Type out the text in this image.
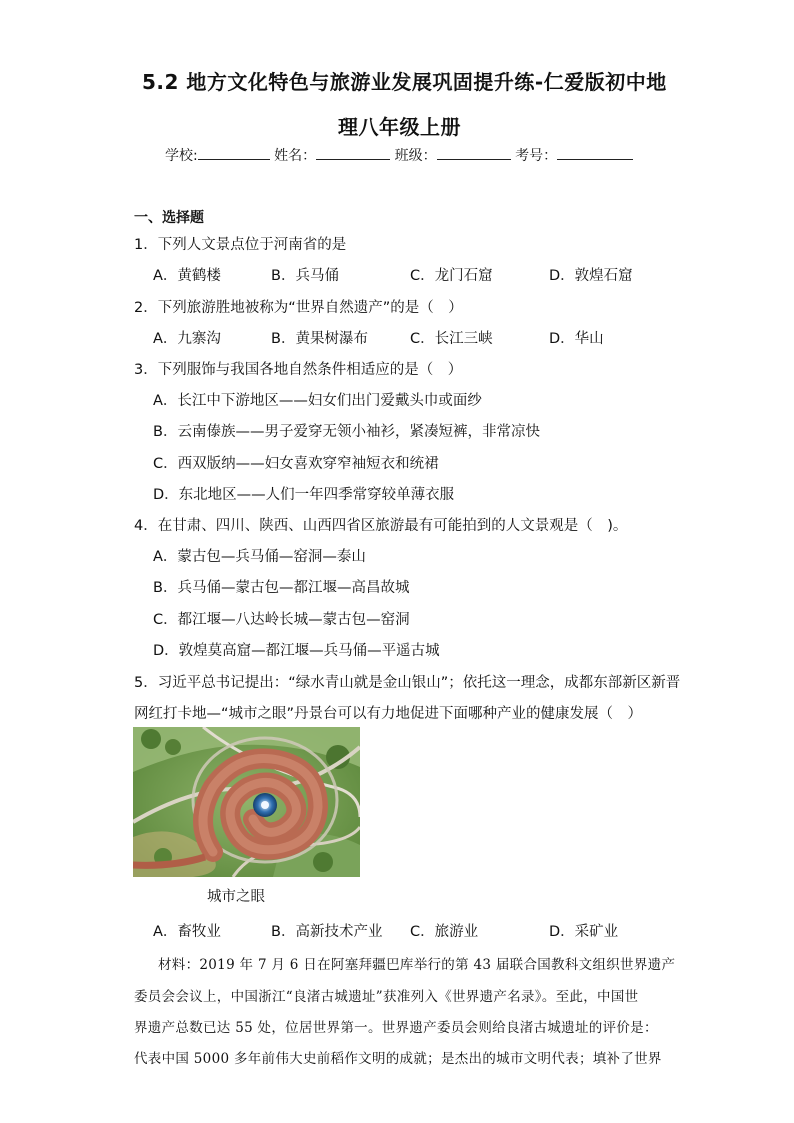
5.2 地方文化特色与旅游业发展巩固提升练-仁爱版初中地
理八年级上册
学校:	姓名：	班级：	考号：
一、选择题
1．下列人文景点位于河南省的是
A．黄鹤楼	B．兵马俑	C．龙门石窟	D．敦煌石窟
2．下列旅游胜地被称为“世界自然遗产”的是（　）
A．九寨沟	B．黄果树瀑布	C．长江三峡	D．华山
3．下列服饰与我国各地自然条件相适应的是（　）
A．长江中下游地区——妇女们出门爱戴头巾或面纱
B．云南傣族——男子爱穿无领小袖衫，紧凑短裤，非常凉快
C．西双版纳——妇女喜欢穿窄袖短衣和统裙
D．东北地区——人们一年四季常穿较单薄衣服
4．在甘肃、四川、陕西、山西四省区旅游最有可能拍到的人文景观是（　)。
A．蒙古包—兵马俑—窑洞—泰山
B．兵马俑—蒙古包—都江堰—高昌故城
C．都江堰—八达岭长城—蒙古包—窑洞
D．敦煌莫高窟—都江堰—兵马俑—平遥古城
5．习近平总书记提出：“绿水青山就是金山银山”；依托这一理念，成都东部新区新晋
网红打卡地—“城市之眼”丹景台可以有力地促进下面哪种产业的健康发展（　）
城市之眼
A．畜牧业	B．高新技术产业 C．旅游业	D．采矿业
材料：2019 年 7 月 6 日在阿塞拜疆巴库举行的第 43 届联合国教科文组织世界遗产
委员会会议上，中国浙江“良渚古城遗址”获准列入《世界遗产名录》。至此，中国世
界遗产总数已达 55 处，位居世界第一。世界遗产委员会则给良渚古城遗址的评价是：
代表中国 5000 多年前伟大史前稻作文明的成就；是杰出的城市文明代表；填补了世界
